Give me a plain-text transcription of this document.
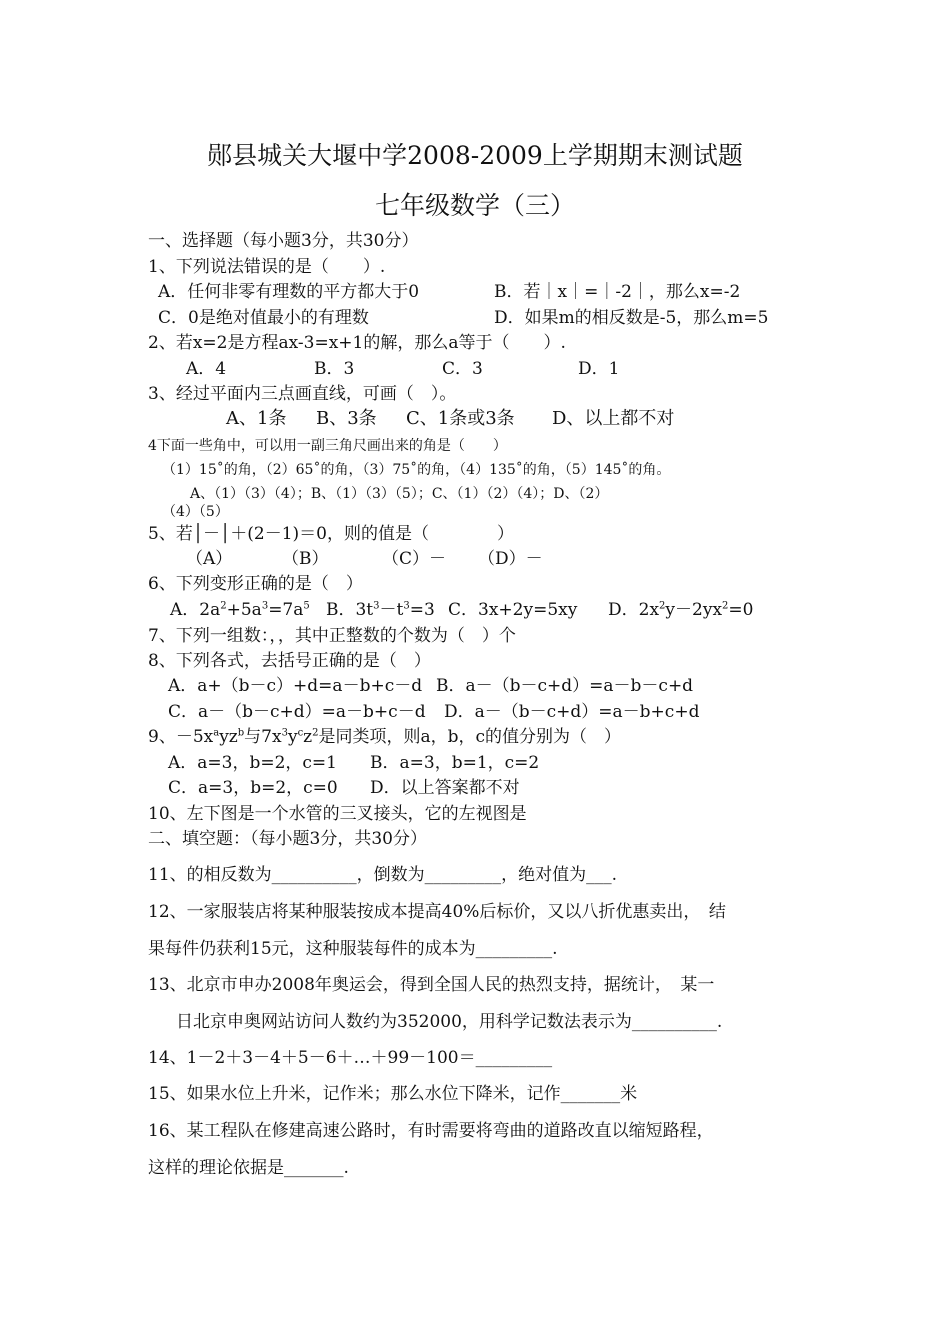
郧县城关大堰中学2008-2009上学期期末测试题
七年级数学（三）
一、选择题（每小题3分，共30分）
1、下列说法错误的是（　　）.
A．任何非零有理数的平方都大于0	B．若｜x｜=｜-2｜，那么x=-2
C．0是绝对值最小的有理数	D．如果m的相反数是-5，那么m=5
2、若x=2是方程ax-3=x+1的解，那么a等于（　　）.
A．4	B．3	C．3	D．1
3、经过平面内三点画直线，可画（　）。
A、1条 B、3条 C、1条或3条 D、以上都不对
4下面一些角中，可以用一副三角尺画出来的角是（　　）
（1）15˚的角，（2）65˚的角，（3）75˚的角，（4）135˚的角，（5）145˚的角。
A、（1）（3）（4）；B、（1）（3）（5）；C、（1）（2）（4）；D、（2）
（4）（5）
5、若│－│＋(2－1)＝0，则的值是（　　　　）
（A）	（B）	（C）－ （D）－
6、下列变形正确的是（　）
A．$2a^2+5a^3=7a^5$ B．$3t^3-t^3=3$ C．3x+2y=5xy D．$2x^2y-2yx^2=0$
7、下列一组数：，，其中正整数的个数为（　）个
8、下列各式，去括号正确的是（　）
A．a+（b－c）+d=a－b+c－d B．a－（b－c+d）=a－b－c+d
C．a－（b－c+d）=a－b+c－d D．a－（b－c+d）=a－b+c+d
9、$-5x^ayz^b$与$7x^3y^cz^2$是同类项，则a，b，c的值分别为（　）
A．a=3，b=2，c=1 B．a=3，b=1，c=2
C．a=3，b=2，c=0 D．以上答案都不对
10、左下图是一个水管的三叉接头，它的左视图是
二、填空题：（每小题3分，共30分）
11、的相反数为__________，倒数为_________，绝对值为___.
12、一家服装店将某种服装按成本提高40%后标价，又以八折优惠卖出，　结
果每件仍获利15元，这种服装每件的成本为_________.
13、北京市申办2008年奥运会，得到全国人民的热烈支持，据统计，　某一
日北京申奥网站访问人数约为352000，用科学记数法表示为__________.
14、1－2＋3－4＋5－6＋…＋99－100＝_________
15、如果水位上升米，记作米；那么水位下降米，记作_______米
16、某工程队在修建高速公路时，有时需要将弯曲的道路改直以缩短路程，
这样的理论依据是_______.
